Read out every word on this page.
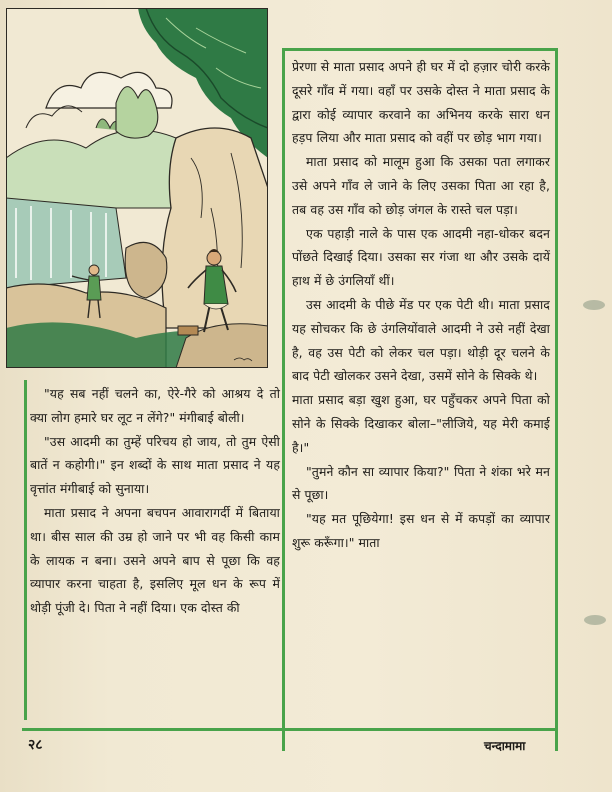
प्रेरणा से माता प्रसाद अपने ही घर में दो हज़ार चोरी करके दूसरे गाँव में गया। वहाँ पर उसके दोस्त ने माता प्रसाद के द्वारा कोई व्यापार करवाने का अभिनय करके सारा धन हड़प लिया और माता प्रसाद को वहीं पर छोड़ भाग गया।

माता प्रसाद को मालूम हुआ कि उसका पता लगाकर उसे अपने गाँव ले जाने के लिए उसका पिता आ रहा है, तब वह उस गाँव को छोड़ जंगल के रास्ते चल पड़ा।

एक पहाड़ी नाले के पास एक आदमी नहा-धोकर बदन पोंछते दिखाई दिया। उसका सर गंजा था और उसके दायें हाथ में छे उंगलियाँ थीं।

उस आदमी के पीछे मेंड पर एक पेटी थी। माता प्रसाद यह सोचकर कि छे उंगलियोंवाले आदमी ने उसे नहीं देखा है, वह उस पेटी को लेकर चल पड़ा। थोड़ी दूर चलने के बाद पेटी खोलकर उसने देखा, उसमें सोने के सिक्के थे।

माता प्रसाद बड़ा खुश हुआ, घर पहुँचकर अपने पिता को सोने के सिक्के दिखाकर बोला–"लीजिये, यह मेरी कमाई है।"

"तुमने कौन सा व्यापार किया?" पिता ने शंका भरे मन से पूछा।

"यह मत पूछियेगा! इस धन से में कपड़ों का व्यापार शुरू करूँगा।" माता

"यह सब नहीं चलने का, ऐरे-गैरे को आश्रय दे तो क्या लोग हमारे घर लूट न लेंगे?" मंगीबाई बोली।

"उस आदमी का तुम्हें परिचय हो जाय, तो तुम ऐसी बातें न कहोगी।" इन शब्दों के साथ माता प्रसाद ने यह वृत्तांत मंगीबाई को सुनाया।

माता प्रसाद ने अपना बचपन आवारागर्दी में बिताया था। बीस साल की उम्र हो जाने पर भी वह किसी काम के लायक न बना। उसने अपने बाप से पूछा कि वह व्यापार करना चाहता है, इसलिए मूल धन के रूप में थोड़ी पूंजी दे। पिता ने नहीं दिया। एक दोस्त की

२८	चन्दामामा
